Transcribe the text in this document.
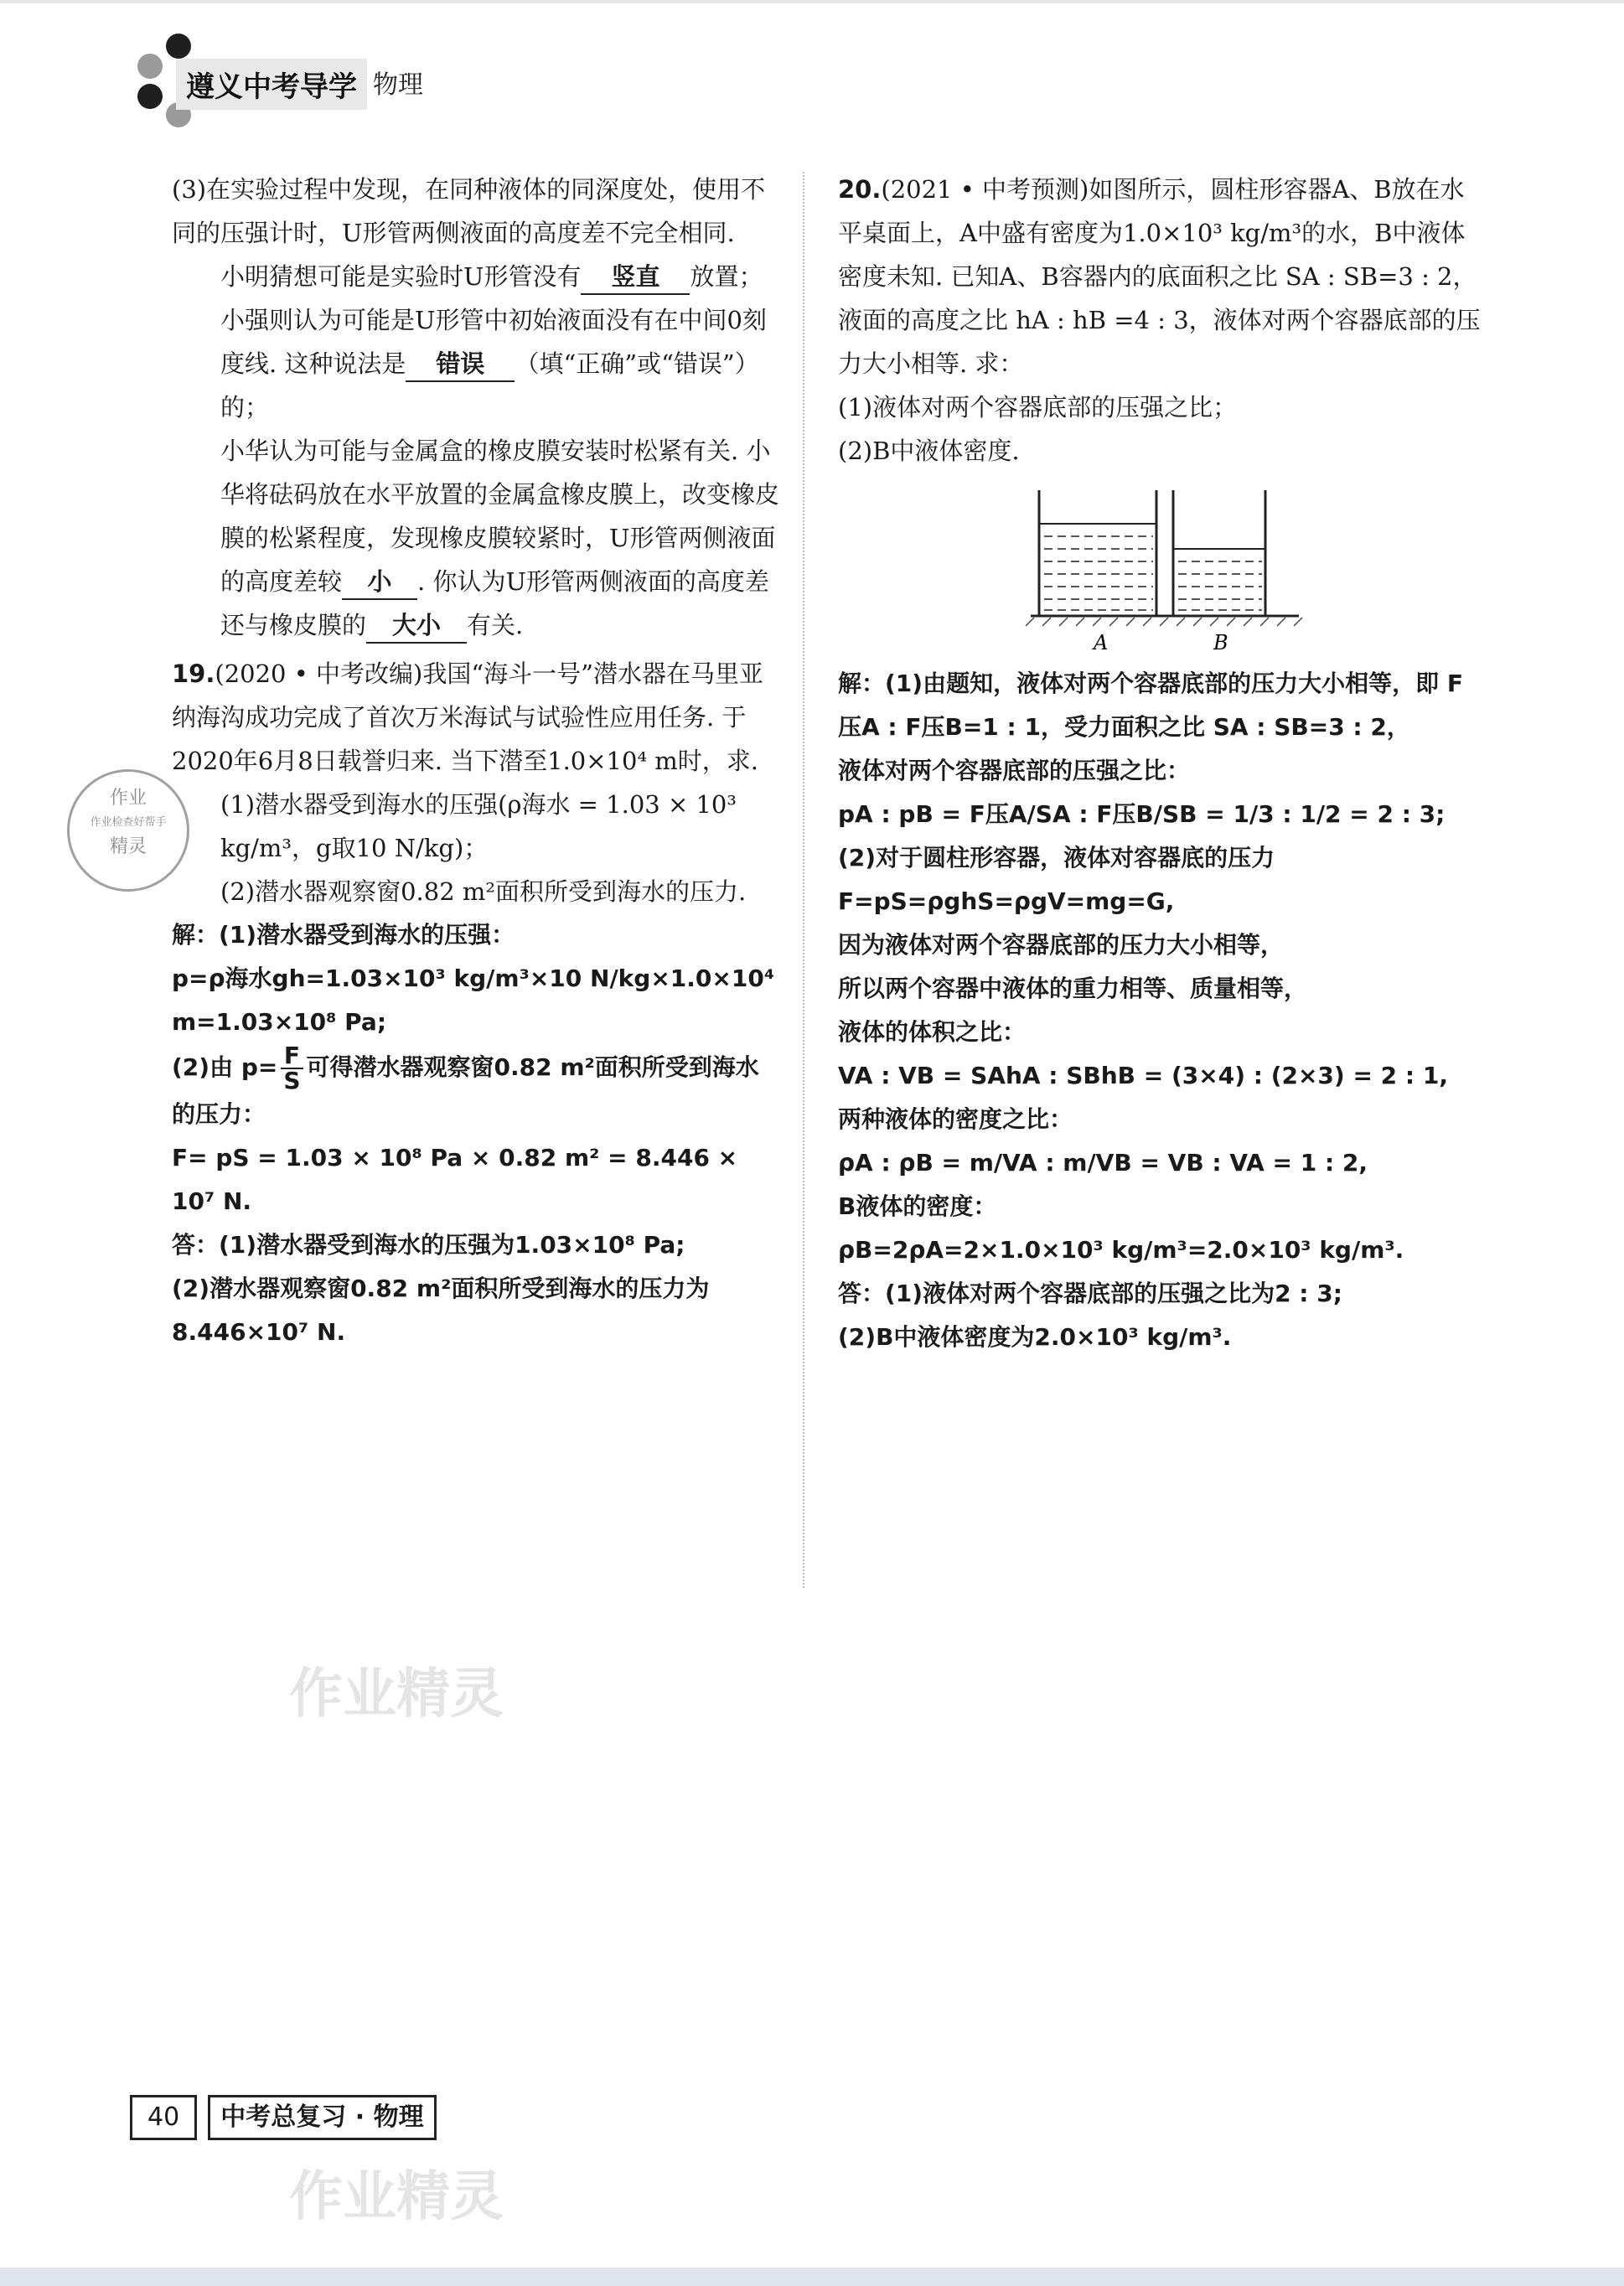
遵义中考导学 物理

(3)在实验过程中发现，在同种液体的同深度处，使用不同的压强计时，U形管两侧液面的高度差不完全相同.

小明猜想可能是实验时U形管没有 竖直 放置；

小强则认为可能是U形管中初始液面没有在中间0刻度线. 这种说法是 错误 （填“正确”或“错误”）的；

小华认为可能与金属盒的橡皮膜安装时松紧有关. 小华将砝码放在水平放置的金属盒橡皮膜上，改变橡皮膜的松紧程度，发现橡皮膜较紧时，U形管两侧液面的高度差较 小 . 你认为U形管两侧液面的高度差还与橡皮膜的 大小 有关.

19.(2020 • 中考改编)我国“海斗一号”潜水器在马里亚纳海沟成功完成了首次万米海试与试验性应用任务. 于2020年6月8日载誉归来. 当下潜至1.0×10⁴ m时，求.

(1)潜水器受到海水的压强(ρ海水 = 1.03 × 10³ kg/m³，g取10 N/kg)；

(2)潜水器观察窗0.82 m²面积所受到海水的压力.

解：(1)潜水器受到海水的压强：

p=ρ海水gh=1.03×10³ kg/m³×10 N/kg×1.0×10⁴ m=1.03×10⁸ Pa;

(2)由 $p= \frac{F}{S}$ 可得潜水器观察窗0.82 m²面积所受到海水的压力：

F= pS = 1.03 × 10⁸ Pa × 0.82 m² = 8.446 × 10⁷ N.

答：(1)潜水器受到海水的压强为1.03×10⁸ Pa;

(2)潜水器观察窗0.82 m²面积所受到海水的压力为8.446×10⁷ N.

作业
作业检查好帮手
精灵

20.(2021 • 中考预测)如图所示，圆柱形容器A、B放在水平桌面上，A中盛有密度为1.0×10³ kg/m³的水，B中液体密度未知. 已知A、B容器内的底面积之比 SA : SB=3 : 2，液面的高度之比 hA : hB =4 : 3，液体对两个容器底部的压力大小相等. 求：

(1)液体对两个容器底部的压强之比；

(2)B中液体密度.

A	B

解：(1)由题知，液体对两个容器底部的压力大小相等，即 F压A : F压B=1 : 1，受力面积之比 SA : SB=3 : 2，

液体对两个容器底部的压强之比：

pA : pB = F压A/SA : F压B/SB = 1/3 : 1/2 = 2 : 3;

(2)对于圆柱形容器，液体对容器底的压力

F=pS=ρghS=ρgV=mg=G,

因为液体对两个容器底部的压力大小相等，

所以两个容器中液体的重力相等、质量相等，

液体的体积之比：

VA : VB = SAhA : SBhB = (3×4) : (2×3) = 2 : 1,

两种液体的密度之比：

ρA : ρB = m/VA : m/VB = VB : VA = 1 : 2,

B液体的密度：

ρB=2ρA=2×1.0×10³ kg/m³=2.0×10³ kg/m³.

答：(1)液体对两个容器底部的压强之比为2 : 3;

(2)B中液体密度为2.0×10³ kg/m³.

作业精灵
作业精灵
40 中考总复习 · 物理
